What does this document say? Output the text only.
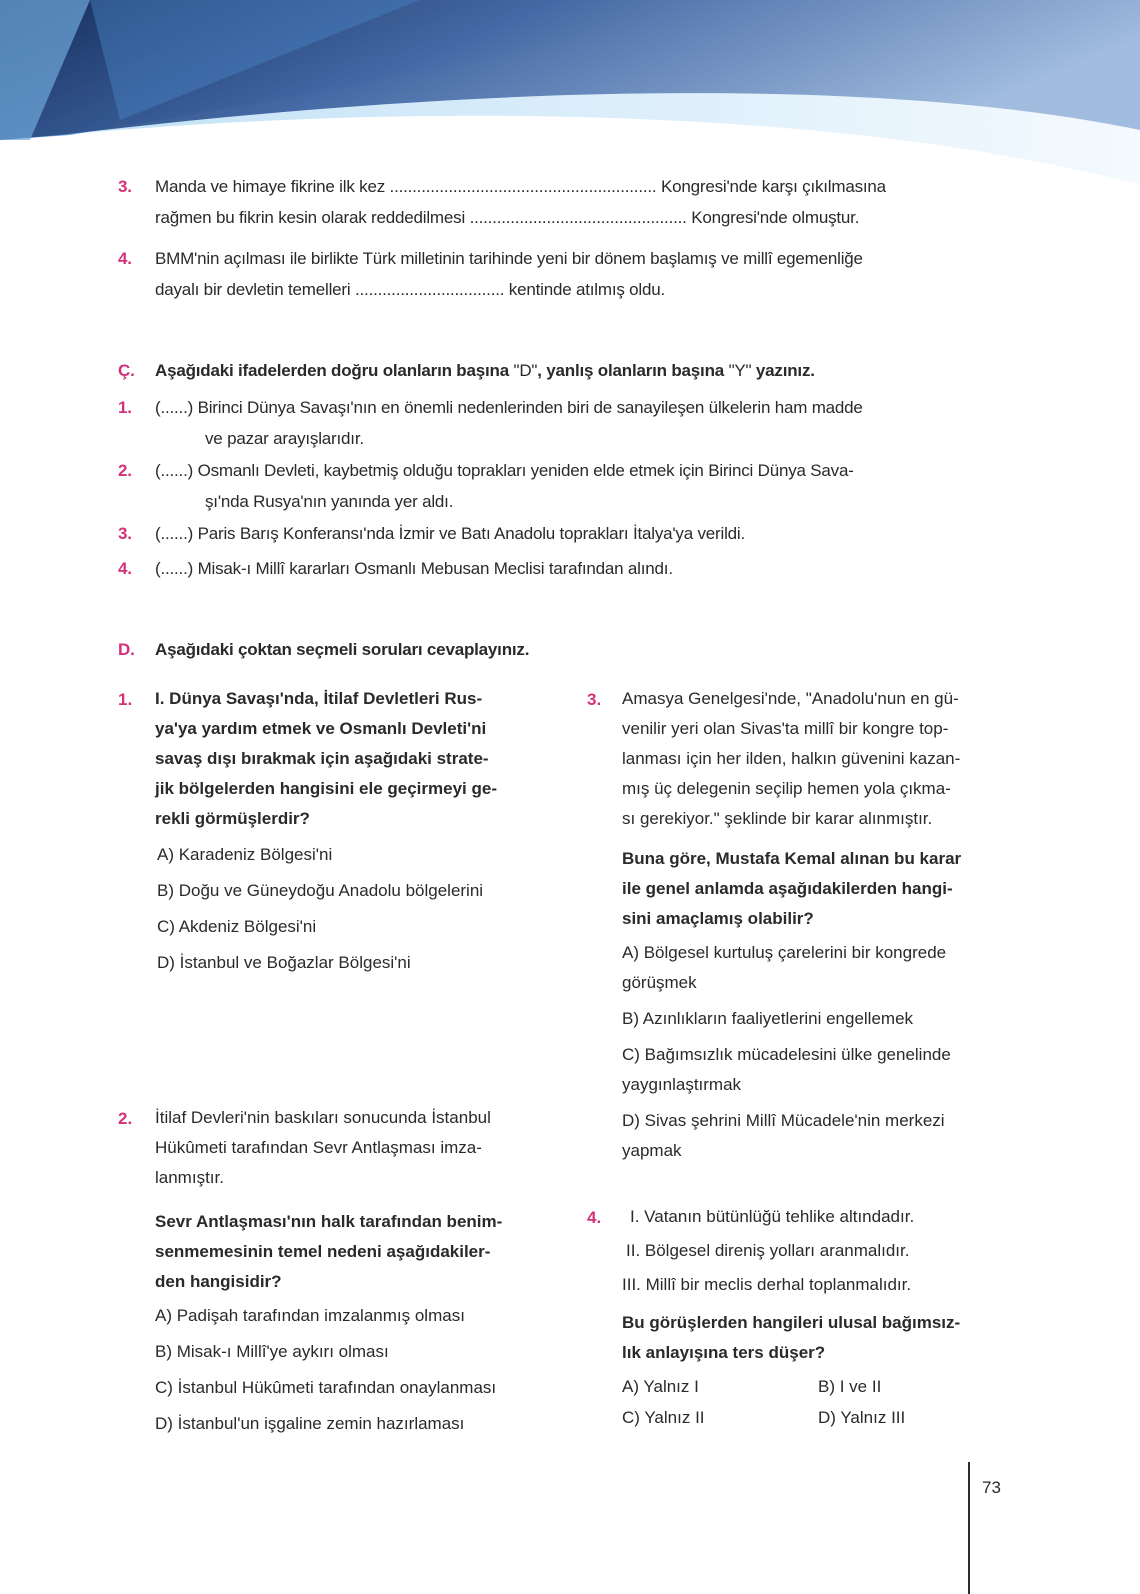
3. Manda ve himaye fikrine ilk kez ........................................................... Kongresi'nde karşı çıkılmasına
rağmen bu fikrin kesin olarak reddedilmesi ................................................ Kongresi'nde olmuştur.
4. BMM'nin açılması ile birlikte Türk milletinin tarihinde yeni bir dönem başlamış ve millî egemenliğe
dayalı bir devletin temelleri ................................. kentinde atılmış oldu.
Ç. Aşağıdaki ifadelerden doğru olanların başına "D", yanlış olanların başına "Y" yazınız.
1. (......) Birinci Dünya Savaşı'nın en önemli nedenlerinden biri de sanayileşen ülkelerin ham madde
ve pazar arayışlarıdır.
2. (......) Osmanlı Devleti, kaybetmiş olduğu toprakları yeniden elde etmek için Birinci Dünya Sava-
şı'nda Rusya'nın yanında yer aldı.
3. (......) Paris Barış Konferansı'nda İzmir ve Batı Anadolu toprakları İtalya'ya verildi.
4. (......) Misak-ı Millî kararları Osmanlı Mebusan Meclisi tarafından alındı.
D. Aşağıdaki çoktan seçmeli soruları cevaplayınız.
1. I. Dünya Savaşı'nda, İtilaf Devletleri Rus-
ya'ya yardım etmek ve Osmanlı Devleti'ni
savaş dışı bırakmak için aşağıdaki strate-
jik bölgelerden hangisini ele geçirmeyi ge-
rekli görmüşlerdir?
A) Karadeniz Bölgesi'ni
B) Doğu ve Güneydoğu Anadolu bölgelerini
C) Akdeniz Bölgesi'ni
D) İstanbul ve Boğazlar Bölgesi'ni
2. İtilaf Devleri'nin baskıları sonucunda İstanbul
Hükûmeti tarafından Sevr Antlaşması imza-
lanmıştır.
Sevr Antlaşması'nın halk tarafından benim-
senmemesinin temel nedeni aşağıdakiler-
den hangisidir?
A) Padişah tarafından imzalanmış olması
B) Misak-ı Millî'ye aykırı olması
C) İstanbul Hükûmeti tarafından onaylanması
D) İstanbul'un işgaline zemin hazırlaması
3. Amasya Genelgesi'nde, "Anadolu'nun en gü-
venilir yeri olan Sivas'ta millî bir kongre top-
lanması için her ilden, halkın güvenini kazan-
mış üç delegenin seçilip hemen yola çıkma-
sı gerekiyor." şeklinde bir karar alınmıştır.
Buna göre, Mustafa Kemal alınan bu karar
ile genel anlamda aşağıdakilerden hangi-
sini amaçlamış olabilir?
A) Bölgesel kurtuluş çarelerini bir kongrede
görüşmek
B) Azınlıkların faaliyetlerini engellemek
C) Bağımsızlık mücadelesini ülke genelinde
yaygınlaştırmak
D) Sivas şehrini Millî Mücadele'nin merkezi
yapmak
4.	I. Vatanın bütünlüğü tehlike altındadır.
II. Bölgesel direniş yolları aranmalıdır.
III. Millî bir meclis derhal toplanmalıdır.
Bu görüşlerden hangileri ulusal bağımsız-
lık anlayışına ters düşer?
A) Yalnız I	B) I ve II
C) Yalnız II	D) Yalnız III
73
